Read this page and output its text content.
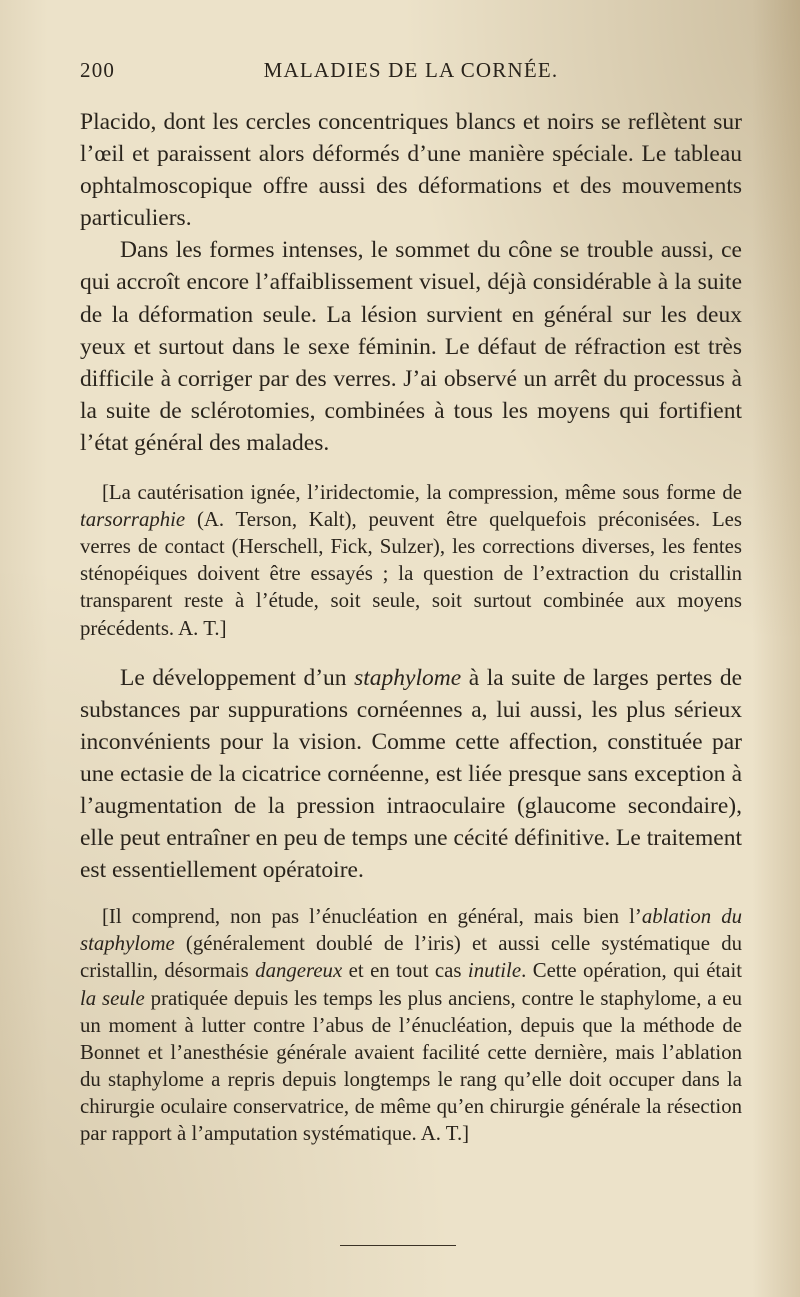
200	MALADIES DE LA CORNÉE.

Placido, dont les cercles concentriques blancs et noirs se reflètent sur l’œil et paraissent alors déformés d’une manière spéciale. Le tableau ophtalmoscopique offre aussi des déformations et des mouvements particuliers.

Dans les formes intenses, le sommet du cône se trouble aussi, ce qui accroît encore l’affaiblissement visuel, déjà considérable à la suite de la déformation seule. La lésion survient en général sur les deux yeux et surtout dans le sexe féminin. Le défaut de réfraction est très difficile à corriger par des verres. J’ai observé un arrêt du processus à la suite de sclérotomies, combinées à tous les moyens qui fortifient l’état général des malades.

[La cautérisation ignée, l’iridectomie, la compression, même sous forme de tarsorraphie (A. Terson, Kalt), peuvent être quelquefois préconisées. Les verres de contact (Herschell, Fick, Sulzer), les corrections diverses, les fentes sténopéiques doivent être essayés ; la question de l’extraction du cristallin transparent reste à l’étude, soit seule, soit surtout combinée aux moyens précédents. A. T.]

Le développement d’un staphylome à la suite de larges pertes de substances par suppurations cornéennes a, lui aussi, les plus sérieux inconvénients pour la vision. Comme cette affection, constituée par une ectasie de la cicatrice cornéenne, est liée presque sans exception à l’augmentation de la pression intraoculaire (glaucome secondaire), elle peut entraîner en peu de temps une cécité définitive. Le traitement est essentiellement opératoire.

[Il comprend, non pas l’énucléation en général, mais bien l’ablation du staphylome (généralement doublé de l’iris) et aussi celle systématique du cristallin, désormais dangereux et en tout cas inutile. Cette opération, qui était la seule pratiquée depuis les temps les plus anciens, contre le staphylome, a eu un moment à lutter contre l’abus de l’énucléation, depuis que la méthode de Bonnet et l’anesthésie générale avaient facilité cette dernière, mais l’ablation du staphylome a repris depuis longtemps le rang qu’elle doit occuper dans la chirurgie oculaire conservatrice, de même qu’en chirurgie générale la résection par rapport à l’amputation systématique. A. T.]
